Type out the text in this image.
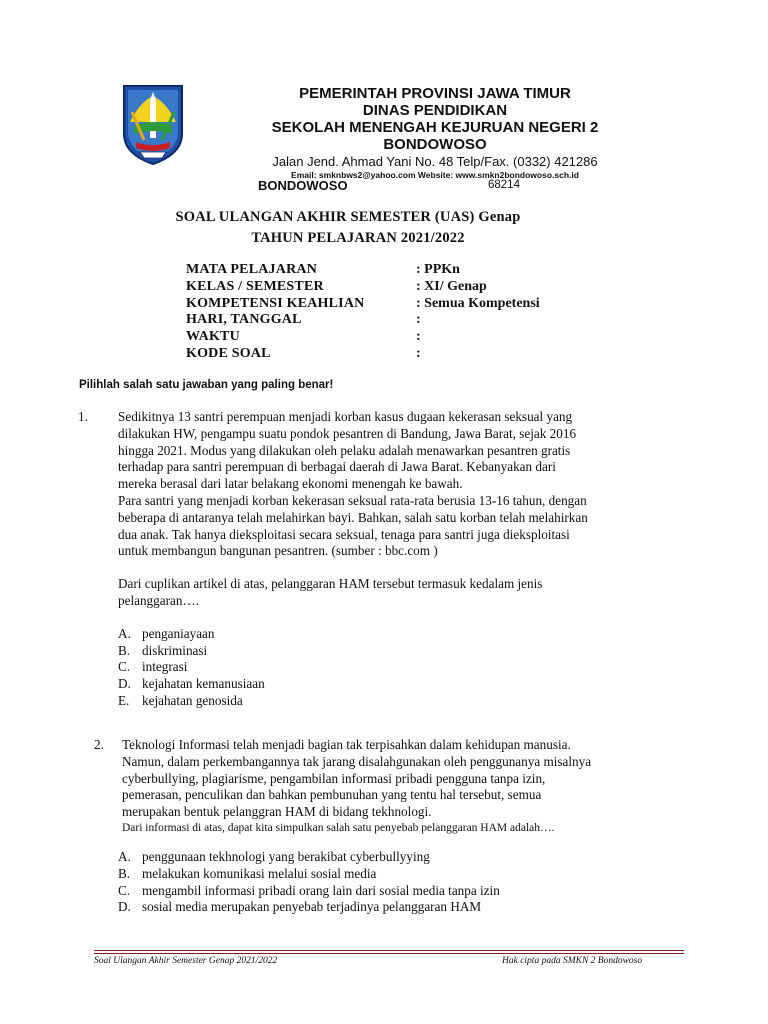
PEMERINTAH PROVINSI JAWA TIMUR
DINAS PENDIDIKAN
SEKOLAH MENENGAH KEJURUAN NEGERI 2
BONDOWOSO
Jalan Jend. Ahmad Yani No. 48 Telp/Fax. (0332) 421286
Email: smknbws2@yahoo.com Website: www.smkn2bondowoso.sch.id
BONDOWOSO	68214
SOAL ULANGAN AKHIR SEMESTER (UAS) Genap
TAHUN PELAJARAN 2021/2022
MATA PELAJARAN	: PPKn
KELAS / SEMESTER	: XI/ Genap
KOMPETENSI KEAHLIAN	: Semua Kompetensi
HARI, TANGGAL	:
WAKTU	:
KODE SOAL	:
Pilihlah salah satu jawaban yang paling benar!
1. Sedikitnya 13 santri perempuan menjadi korban kasus dugaan kekerasan seksual yang
dilakukan HW, pengampu suatu pondok pesantren di Bandung, Jawa Barat, sejak 2016
hingga 2021. Modus yang dilakukan oleh pelaku adalah menawarkan pesantren gratis
terhadap para santri perempuan di berbagai daerah di Jawa Barat. Kebanyakan dari
mereka berasal dari latar belakang ekonomi menengah ke bawah.
Para santri yang menjadi korban kekerasan seksual rata-rata berusia 13-16 tahun, dengan
beberapa di antaranya telah melahirkan bayi. Bahkan, salah satu korban telah melahirkan
dua anak. Tak hanya dieksploitasi secara seksual, tenaga para santri juga dieksploitasi
untuk membangun bangunan pesantren. (sumber : bbc.com )
Dari cuplikan artikel di atas, pelanggaran HAM tersebut termasuk kedalam jenis
pelanggaran….
A. penganiayaan
B. diskriminasi
C. integrasi
D. kejahatan kemanusiaan
E. kejahatan genosida
2. Teknologi Informasi telah menjadi bagian tak terpisahkan dalam kehidupan manusia.
Namun, dalam perkembangannya tak jarang disalahgunakan oleh penggunanya misalnya
cyberbullying, plagiarisme, pengambilan informasi pribadi pengguna tanpa izin,
pemerasan, penculikan dan bahkan pembunuhan yang tentu hal tersebut, semua
merupakan bentuk pelanggran HAM di bidang tekhnologi.
Dari informasi di atas, dapat kita simpulkan salah satu penyebab pelanggaran HAM adalah….
A. penggunaan tekhnologi yang berakibat cyberbullyying
B. melakukan komunikasi melalui sosial media
C. mengambil informasi pribadi orang lain dari sosial media tanpa izin
D. sosial media merupakan penyebab terjadinya pelanggaran HAM
Soal Ulangan Akhir Semester Genap 2021/2022	Hak cipta pada SMKN 2 Bondowoso
